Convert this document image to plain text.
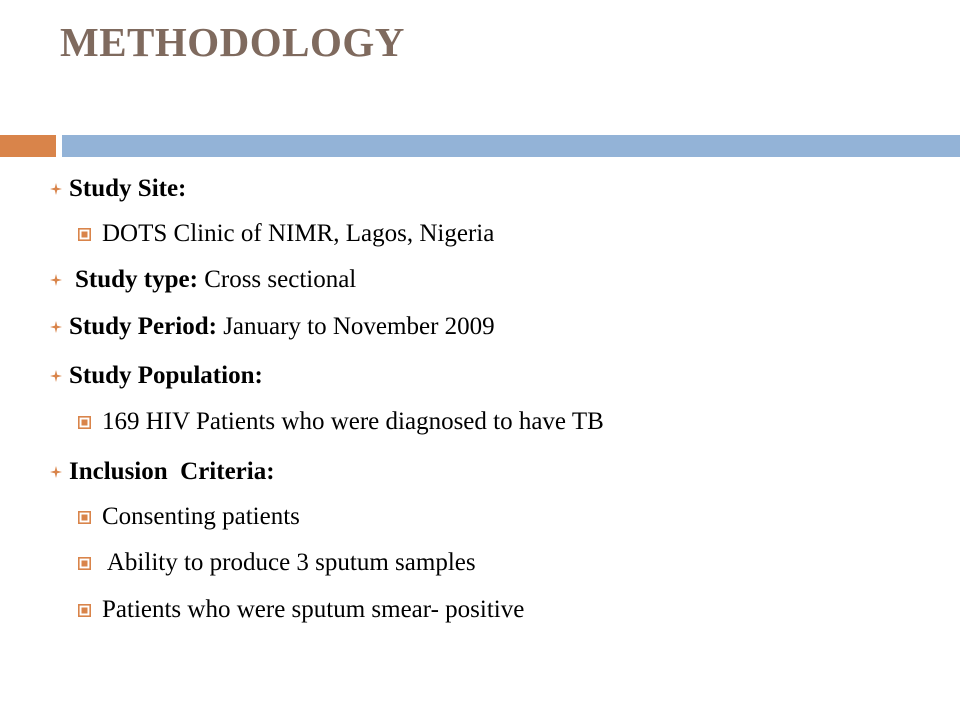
METHODOLOGY
Study Site:
DOTS Clinic of NIMR, Lagos, Nigeria
Study type: Cross sectional
Study Period: January to November 2009
Study Population:
169 HIV Patients who were diagnosed to have TB
Inclusion  Criteria:
Consenting patients
Ability to produce 3 sputum samples
Patients who were sputum smear- positive
